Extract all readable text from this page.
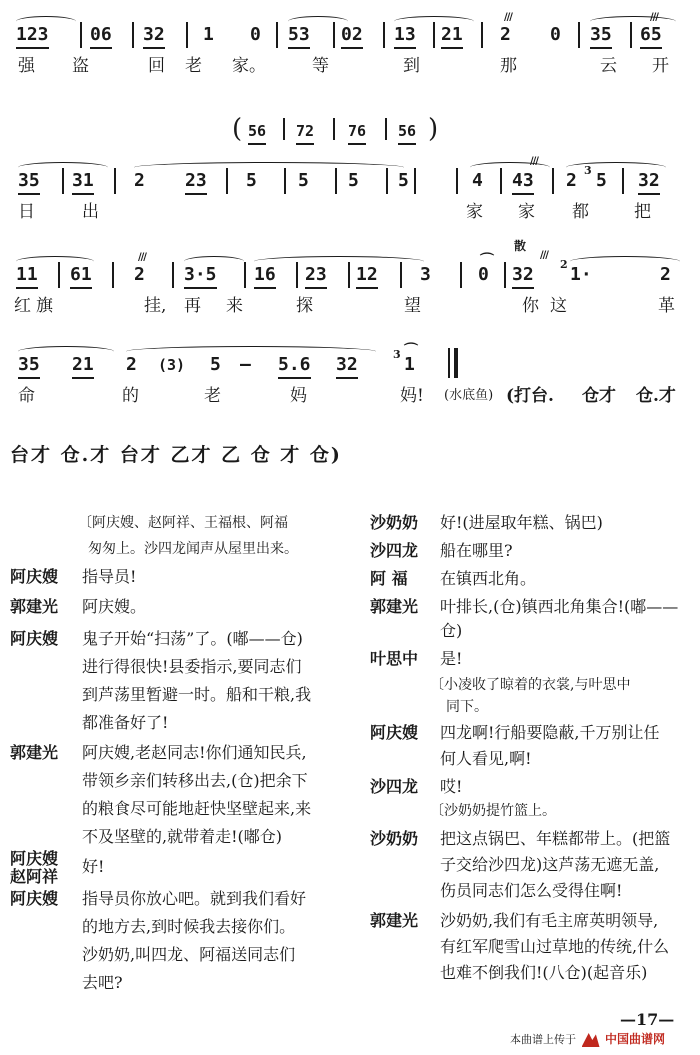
123 06 32 1 0 53 02 13 21
///
2 0 35
///
65
强 盗	回 老 家。	等	到	那	云 开
( 56 72 76 56 )
35 31 2 23 5 5 5 5	4
///
43 2 3 5 32
日	出	家 家 都	把
11 61
///
2 3·5 16 23 12 3
⌒
0
散
///
32 2 1·	2
红 旗	挂, 再 来	探	望	你 这	革
35 21 2 (3) 5 – 5.6 32	3 ⌒
1
命	的	老	妈	妈! (水底鱼) (打台. 仓才 仓.才
台才 仓.才 台才 乙才 乙 仓 才 仓)
〔阿庆嫂、赵阿祥、王福根、阿福
匆匆上。沙四龙闻声从屋里出来。
阿庆嫂 指导员!
郭建光 阿庆嫂。
阿庆嫂 鬼子开始“扫荡”了。(嘟——仓)
进行得很快!县委指示,要同志们
到芦荡里暂避一时。船和干粮,我
都准备好了!
郭建光 阿庆嫂,老赵同志!你们通知民兵,
带领乡亲们转移出去,(仓)把余下
的粮食尽可能地赶快坚壁起来,来
不及坚壁的,就带着走!(嘟仓)
阿庆嫂
赵阿祥
好!
阿庆嫂 指导员你放心吧。就到我们看好
的地方去,到时候我去接你们。
沙奶奶,叫四龙、阿福送同志们
去吧?
沙奶奶 好!(进屋取年糕、锅巴)
沙四龙 船在哪里?
阿 福 在镇西北角。
郭建光 叶排长,(仓)镇西北角集合!(嘟——
仓)
叶思中 是!
〔小凌收了晾着的衣裳,与叶思中
同下。
阿庆嫂 四龙啊!行船要隐蔽,千万别让任
何人看见,啊!
沙四龙 哎!
〔沙奶奶提竹篮上。
沙奶奶 把这点锅巴、年糕都带上。(把篮
子交给沙四龙)这芦荡无遮无盖,
伤员同志们怎么受得住啊!
郭建光 沙奶奶,我们有毛主席英明领导,
有红军爬雪山过草地的传统,什么
也难不倒我们!(八仓)(起音乐)
—17—
本曲谱上传于 中国曲谱网
